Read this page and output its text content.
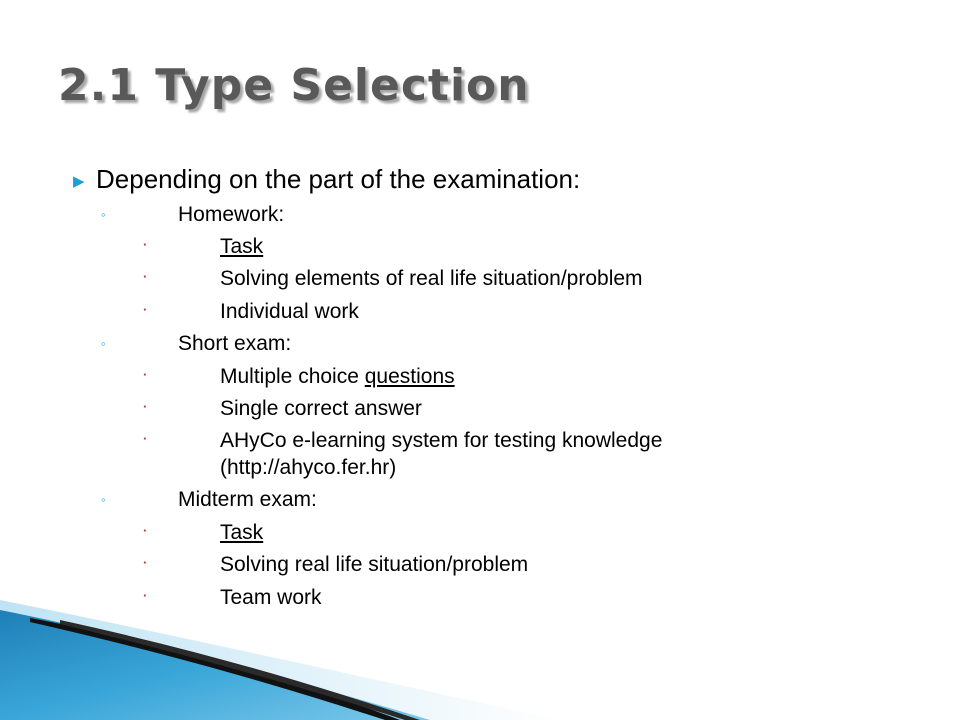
2.1 Type Selection
▶ Depending on the part of the examination:
◦	Homework:
·	Task
·	Solving elements of real life situation/problem
·	Individual work
◦	Short exam:
·	Multiple choice questions
·	Single correct answer
·	AHyCo e-learning system for testing knowledge
(http://ahyco.fer.hr)
◦	Midterm exam:
·	Task
·	Solving real life situation/problem
·	Team work
